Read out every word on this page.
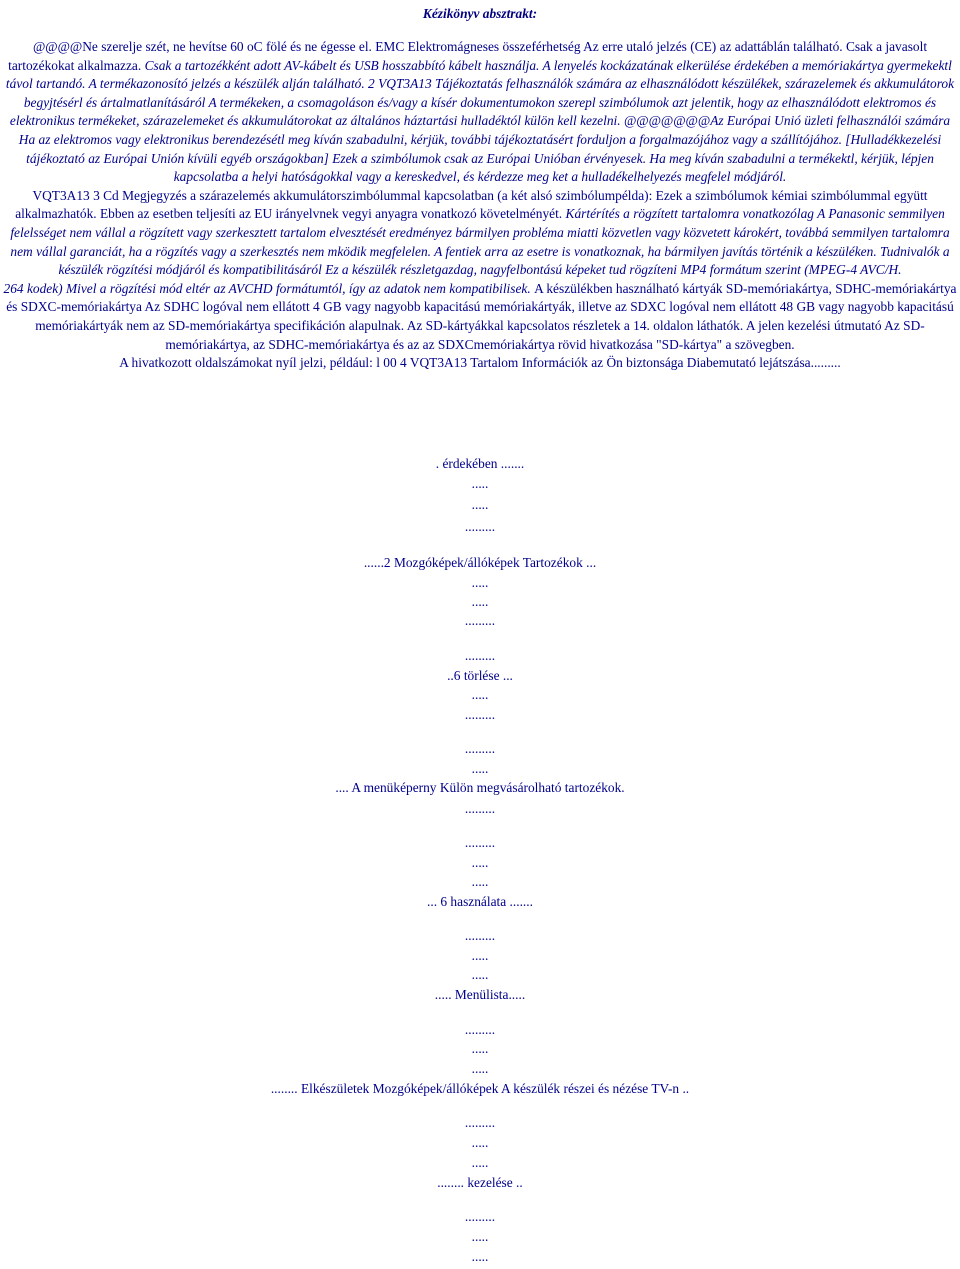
Kézikönyv absztrakt:

@@@@Ne szerelje szét, ne hevítse 60 oC fölé és ne égesse el. EMC Elektromágneses összeférhetség Az erre utaló jelzés (CE) az adattáblán található. Csak a javasolt tartozékokat alkalmazza. Csak a tartozékként adott AV-kábelt és USB hosszabbító kábelt használja. A lenyelés kockázatának elkerülése érdekében a memóriakártya gyermekektl távol tartandó. A termékazonosító jelzés a készülék alján található. 2 VQT3A13 Tájékoztatás felhasználók számára az elhasználódott készülékek, szárazelemek és akkumulátorok begyjtésérl és ártalmatlanításáról A termékeken, a csomagoláson és/vagy a kísér dokumentumokon szerepl szimbólumok azt jelentik, hogy az elhasználódott elektromos és elektronikus termékeket, szárazelemeket és akkumulátorokat az általános háztartási hulladéktól külön kell kezelni. @@@@@@@Az Európai Unió üzleti felhasználói számára Ha az elektromos vagy elektronikus berendezésétl meg kíván szabadulni, kérjük, további tájékoztatásért forduljon a forgalmazójához vagy a szállítójához. [Hulladékkezelési tájékoztató az Európai Unión kívüli egyéb országokban] Ezek a szimbólumok csak az Európai Unióban érvényesek. Ha meg kíván szabadulni a termékektl, kérjük, lépjen kapcsolatba a helyi hatóságokkal vagy a kereskedvel, és kérdezze meg ket a hulladékelhelyezés megfelel módjáról.

VQT3A13 3 Cd Megjegyzés a szárazelemés akkumulátorszimbólummal kapcsolatban (a két alsó szimbólumpélda): Ezek a szimbólumok kémiai szimbólummal együtt alkalmazhatók. Ebben az esetben teljesíti az EU irányelvnek vegyi anyagra vonatkozó követelményét. Kártérítés a rögzített tartalomra vonatkozólag A Panasonic semmilyen felelsséget nem vállal a rögzített vagy szerkesztett tartalom elvesztését eredményez bármilyen probléma miatti közvetlen vagy közvetett károkért, továbbá semmilyen tartalomra nem vállal garanciát, ha a rögzítés vagy a szerkesztés nem mködik megfelelen. A fentiek arra az esetre is vonatkoznak, ha bármilyen javítás történik a készüléken. Tudnivalók a készülék rögzítési módjáról és kompatibilitásáról Ez a készülék részletgazdag, nagyfelbontású képeket tud rögzíteni MP4 formátum szerint (MPEG-4 AVC/H.

264 kodek) Mivel a rögzítési mód eltér az AVCHD formátumtól, így az adatok nem kompatibilisek. A készülékben használható kártyák SD-memóriakártya, SDHC-memóriakártya és SDXC-memóriakártya Az SDHC logóval nem ellátott 4 GB vagy nagyobb kapacitású memóriakártyák, illetve az SDXC logóval nem ellátott 48 GB vagy nagyobb kapacitású memóriakártyák nem az SD-memóriakártya specifikáción alapulnak. Az SD-kártyákkal kapcsolatos részletek a 14. oldalon láthatók. A jelen kezelési útmutató Az SD-memóriakártya, az SDHC-memóriakártya és az az SDXCmemóriakártya rövid hivatkozása "SD-kártya" a szövegben.

A hivatkozott oldalszámokat nyíl jelzi, például: l 00 4 VQT3A13 Tartalom Információk az Ön biztonsága Diabemutató lejátszása.........

. érdekében .......
.....
.....
.........
......2 Mozgóképek/állóképek Tartozékok ...
.....
.....
.........
.........
..6 törlése ...
.....
.........
.........
.....
.... A menüképerny Külön megvásárolható tartozékok.
.........
.........
.....
.....
... 6 használata .......
.........
.....
.....
..... Menülista.....
.........
.....
.....
........ Elkészületek Mozgóképek/állóképek A készülék részei és nézése TV-n ..
.........
.....
.....
........ kezelése ..
.........
.....
.....
